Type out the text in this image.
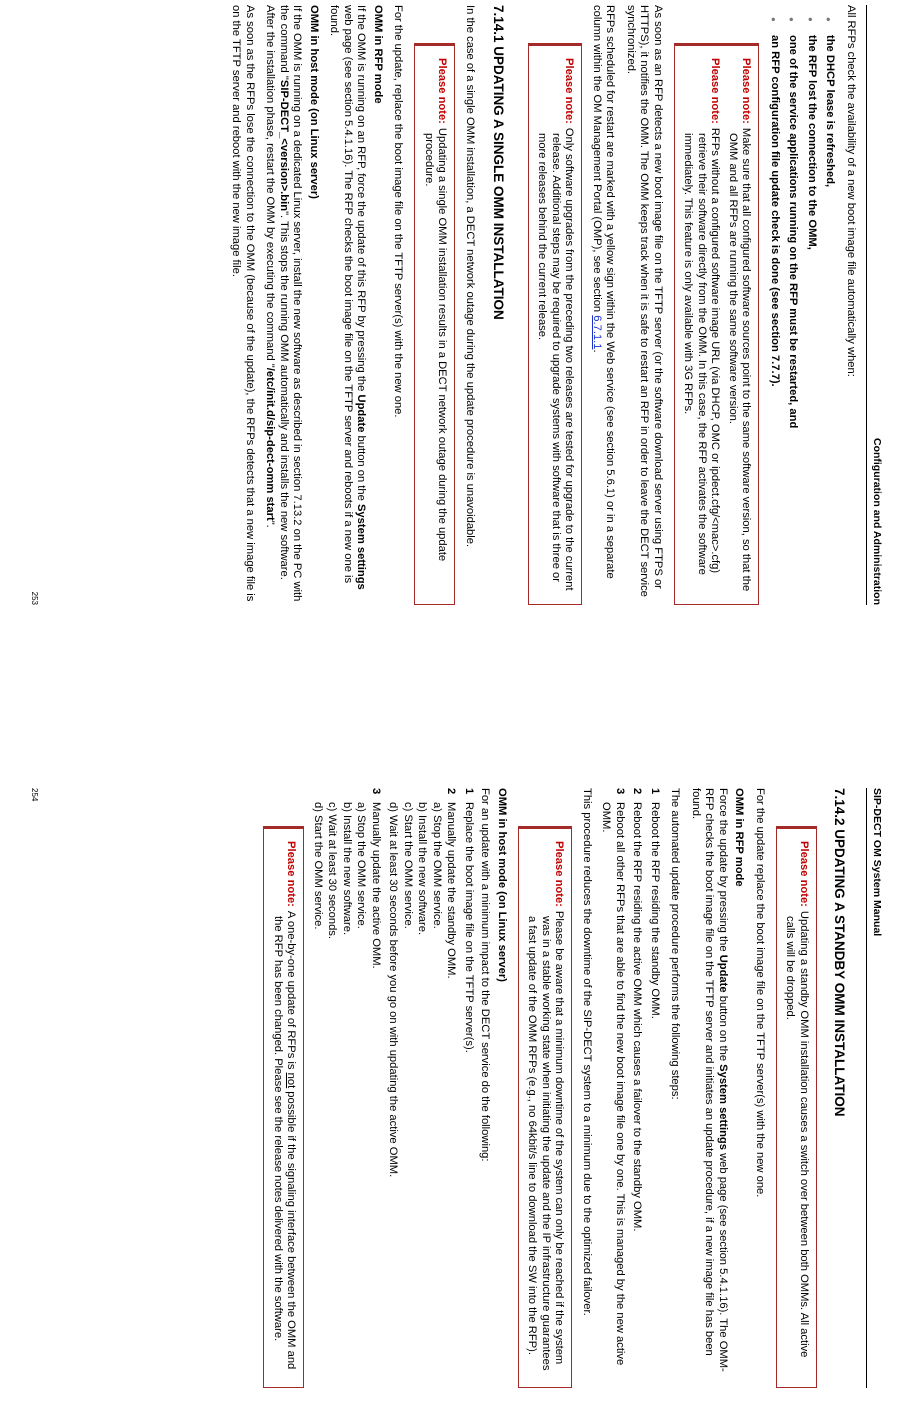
Configuration and Administration

All RFPs check the availability of a new boot image file automatically when:

● the DHCP lease is refreshed,
● the RFP lost the connection to the OMM,
● one of the service applications running on the RFP must be restarted, and
● an RFP configuration file update check is done (see section 7.7.7).

Please note:Make sure that all configured software sources point to the same software version, so that the OMM and all RFPs are running the same software version.

Please note:RFPs without a configured software image URL (via DHCP, OMC or ipdect.cfg/<mac>.cfg) retrieve their software directly from the OMM. In this case, the RFP activates the software immediately. This feature is only available with 3G RFPs.

As soon as an RFP detects a new boot image file on the TFTP server (or the software download server using FTPS or HTTPS), it notifies the OMM. The OMM keeps track when it is safe to restart an RFP in order to leave the DECT service synchronized.

RFPs scheduled for restart are marked with a yellow sign within the Web service (see section 5.6.1) or in a separate column within the OM Management Portal (OMP), see section 6.7.1.1.

Please note:Only software upgrades from the preceding two releases are tested for upgrade to the current release. Additional steps may be required to upgrade systems with software that is three or more releases behind the current release.

7.14.1 UPDATING A SINGLE OMM INSTALLATION

In the case of a single OMM installation, a DECT network outage during the update procedure is unavoidable.

Please note:Updating a single OMM installation results in a DECT network outage during the update procedure.

For the update, replace the boot image file on the TFTP server(s) with the new one.

OMM in RFP mode

If the OMM is running on an RFP, force the update of this RFP by pressing the Update button on the System settings web page (see section 5.4.1.16). The RFP checks the boot image file on the TFTP server and reboots if a new one is found.

OMM in host mode (on Linux server)

If the OMM is running on a dedicated Linux server, install the new software as described in section 7.13.2 on the PC with the command "SIP-DECT_<version>.bin". This stops the running OMM automatically and installs the new software. After the installation phase, restart the OMM by executing the command "/etc/init.d/sip-dect-omm start".

As soon as the RFPs lose the connection to the OMM (because of the update), the RFPs detects that a new image file is on the TFTP server and reboot with the new image file.

253
SIP-DECT OM System Manual
7.14.2 UPDATING A STANDBY OMM INSTALLATION

Please note:Updating a standby OMM installation causes a switch over between both OMMs. All active calls will be dropped.

For the update replace the boot image file on the TFTP server(s) with the new one.

OMM in RFP mode

Force the update by pressing the Update button on the System settings web page (see section 5.4.1.16). The OMM-RFP checks the boot image file on the TFTP server and initiates an update procedure, if a new image file has been found.

The automated update procedure performs the following steps:

1
Reboot the RFP residing the standby OMM.
2
Reboot the RFP residing the active OMM which causes a failover to the standby OMM.
3
Reboot all other RFPs that are able to find the new boot image file one by one. This is managed by the new active OMM.

This procedure reduces the downtime of the SIP-DECT system to a minimum due to the optimized failover.

Please note:Please be aware that a minimum downtime of the system can only be reached if the system was in a stable working state when initiating the update and the IP infrastructure guarantees a fast update of the OMM RFPs (e.g., no 64kbit/s line to download the SW into the RFP).

OMM in host mode (on Linux server)

For an update with a minimum impact to the DECT service do the following:

1
Replace the boot image file on the TFTP server(s).
2
Manually update the standby OMM.
a) Stop the OMM service.
b) Install the new software.
c) Start the OMM service.
d) Wait at least 30 seconds before you go on with updating the active OMM.
3
Manually update the active OMM.
a) Stop the OMM service.
b) Install the new software.
c) Wait at least 30 seconds.
d) Start the OMM service.

Please note:A one-by-one update of RFPs is not possible if the signaling interface between the OMM and the RFP has been changed. Please see the release notes delivered with the software.

254
